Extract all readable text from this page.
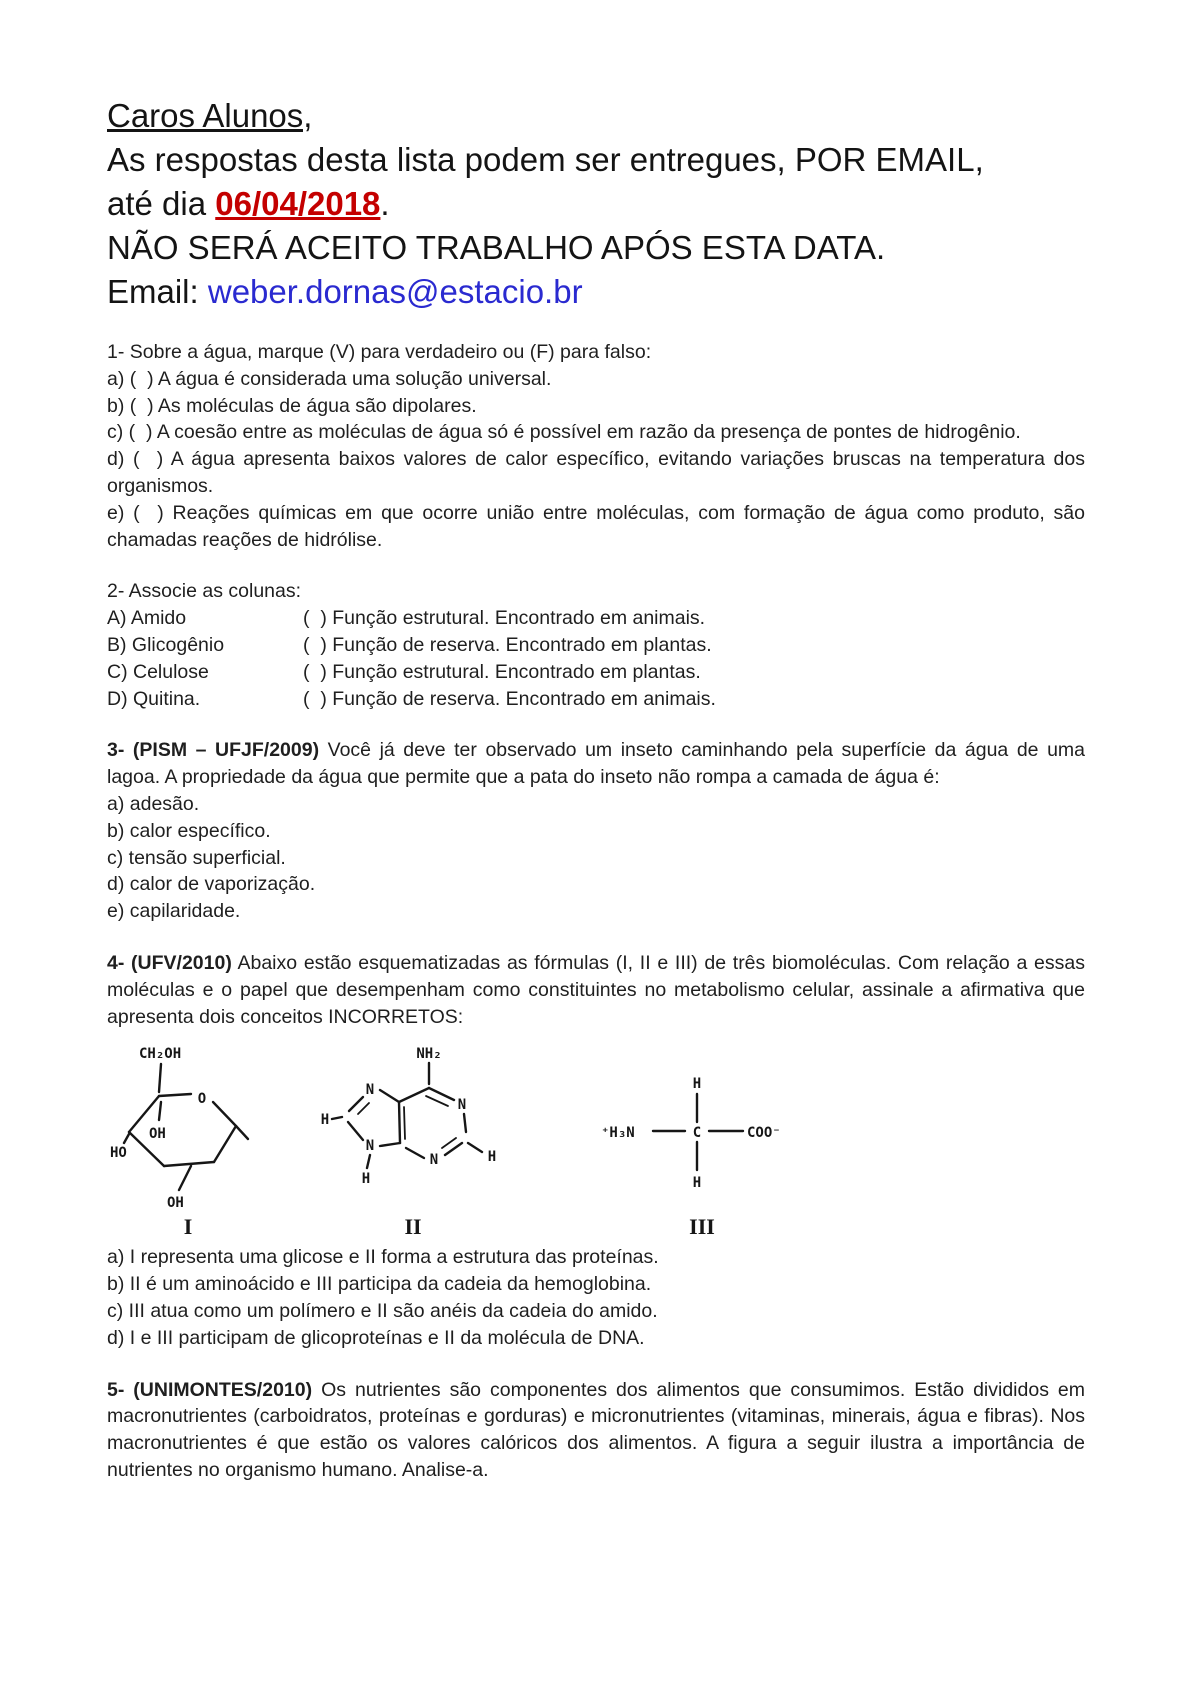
Caros Alunos,
As respostas desta lista podem ser entregues, POR EMAIL,
até dia 06/04/2018.
NÃO SERÁ ACEITO TRABALHO APÓS ESTA DATA.
Email: weber.dornas@estacio.br

1- Sobre a água, marque (V) para verdadeiro ou (F) para falso:

a) (  ) A água é considerada uma solução universal.

b) (  ) As moléculas de água são dipolares.

c) (  ) A coesão entre as moléculas de água só é possível em razão da presença de pontes de hidrogênio.

d) (  ) A água apresenta baixos valores de calor específico, evitando variações bruscas na temperatura dos organismos.

e) (  ) Reações químicas em que ocorre união entre moléculas, com formação de água como produto, são chamadas reações de hidrólise.

2- Associe as colunas:

A) Amido	(  ) Função estrutural. Encontrado em animais.
B) Glicogênio	(  ) Função de reserva. Encontrado em plantas.
C) Celulose	(  ) Função estrutural. Encontrado em plantas.
D) Quitina.	(  ) Função de reserva. Encontrado em animais.

3- (PISM – UFJF/2009) Você já deve ter observado um inseto caminhando pela superfície da água de uma lagoa. A propriedade da água que permite que a pata do inseto não rompa a camada de água é:

a) adesão.

b) calor específico.

c) tensão superficial.

d) calor de vaporização.

e) capilaridade.

4- (UFV/2010) Abaixo estão esquematizadas as fórmulas (I, II e III) de três biomoléculas. Com relação a essas moléculas e o papel que desempenham como constituintes no metabolismo celular, assinale a afirmativa que apresenta dois conceitos INCORRETOS:

CH₂OH
O
OH
HO
OH
I
NH₂
N
N
N
N
H
H
H
II
H
⁺H₃N	C	COO⁻
H
III

a) I representa uma glicose e II forma a estrutura das proteínas.

b) II é um aminoácido e III participa da cadeia da hemoglobina.

c) III atua como um polímero e II são anéis da cadeia do amido.

d) I e III participam de glicoproteínas e II da molécula de DNA.

5- (UNIMONTES/2010) Os nutrientes são componentes dos alimentos que consumimos. Estão divididos em macronutrientes (carboidratos, proteínas e gorduras) e micronutrientes (vitaminas, minerais, água e fibras). Nos macronutrientes é que estão os valores calóricos dos alimentos. A figura a seguir ilustra a importância de nutrientes no organismo humano. Analise-a.
